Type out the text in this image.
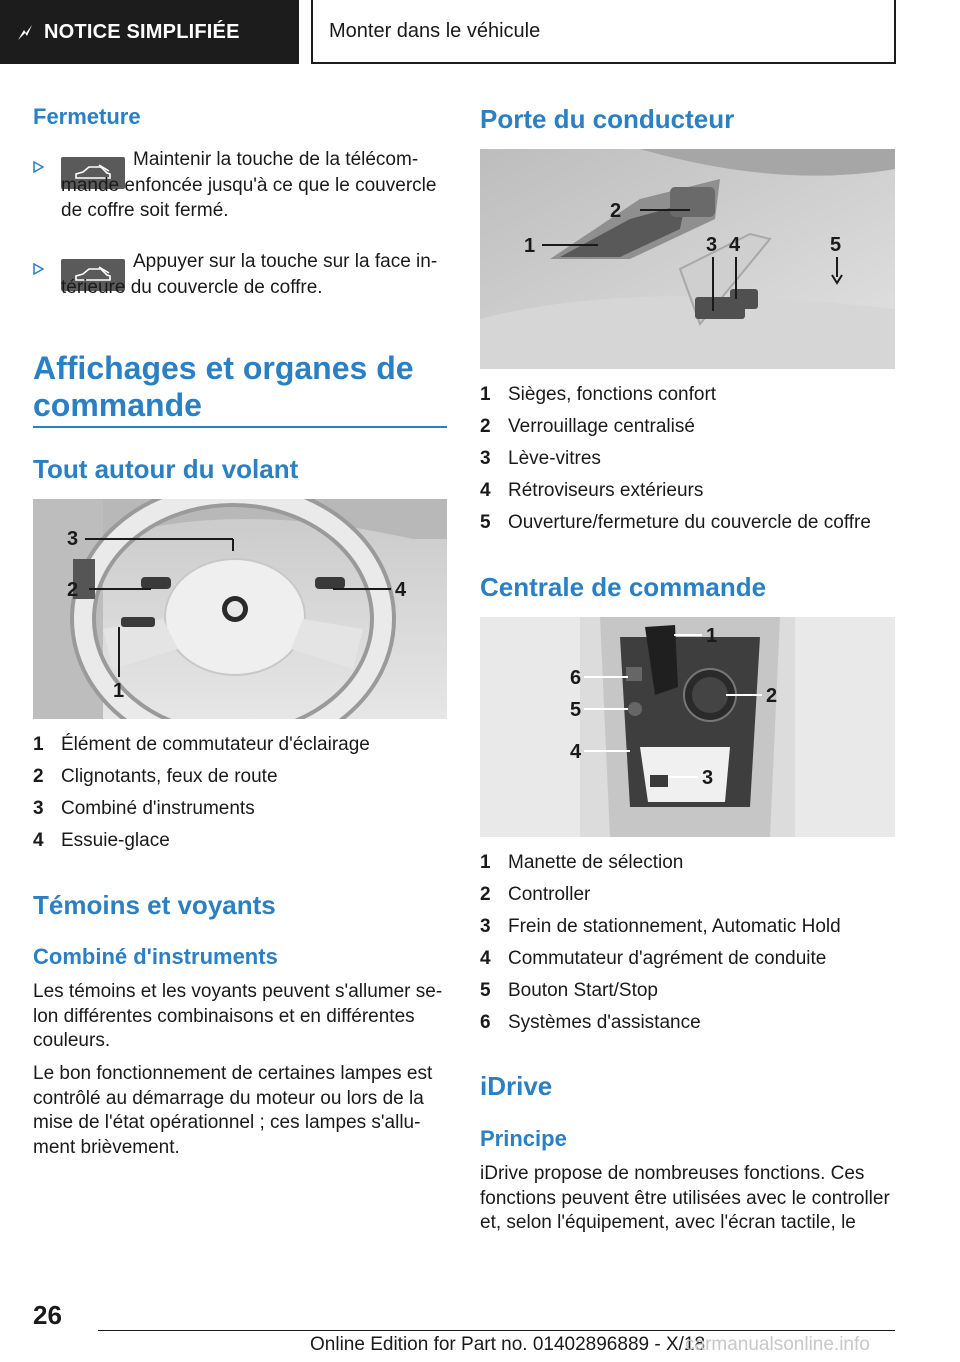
NOTICE SIMPLIFIÉE	Monter dans le véhicule
Fermeture
Maintenir la touche de la télécom‐mande enfoncée jusqu'à ce que le couvercle de coffre soit fermé.
Appuyer sur la touche sur la face in‐térieure du couvercle de coffre.
Affichages et organes de commande
Tout autour du volant
3
2	4
1
1 Élément de commutateur d'éclairage
2 Clignotants, feux de route
3 Combiné d'instruments
4 Essuie-glace
Témoins et voyants
Combiné d'instruments
Les témoins et les voyants peuvent s'allumer se‐lon différentes combinaisons et en différentes couleurs.
Le bon fonctionnement de certaines lampes est contrôlé au démarrage du moteur ou lors de la mise de l'état opérationnel ; ces lampes s'allu‐ment brièvement.
Porte du conducteur
2
1	3 4	5
1 Sièges, fonctions confort
2 Verrouillage centralisé
3 Lève-vitres
4 Rétroviseurs extérieurs
5 Ouverture/fermeture du couvercle de coffre
Centrale de commande
1
6
2
5
4
3
1 Manette de sélection
2 Controller
3 Frein de stationnement, Automatic Hold
4 Commutateur d'agrément de conduite
5 Bouton Start/Stop
6 Systèmes d'assistance
iDrive
Principe
iDrive propose de nombreuses fonctions. Ces fonctions peuvent être utilisées avec le controller et, selon l'équipement, avec l'écran tactile, le
26
Online Edition for Part no. 01402896889 - X/18
carmanualsonline.info
